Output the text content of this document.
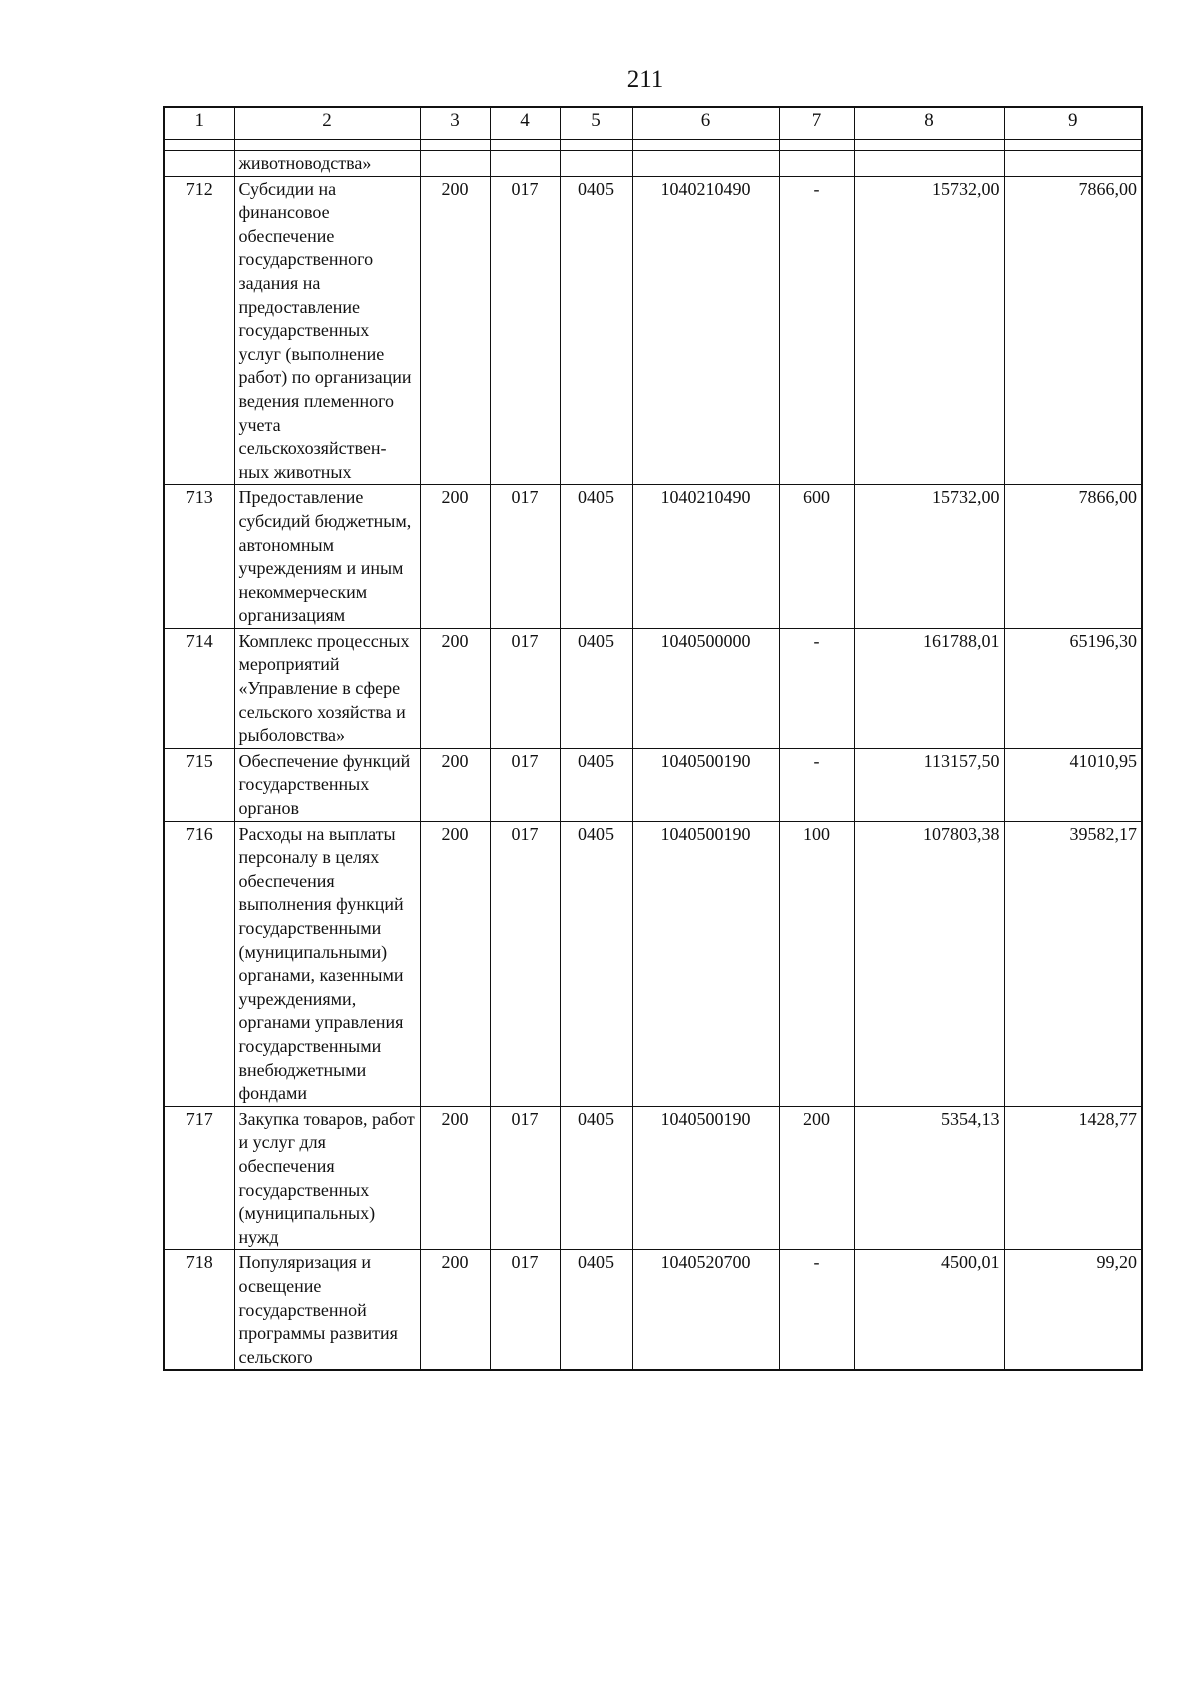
211
1	2	3	4	5	6	7	8	9

	животноводства»							
712	Субсидии на финансовое обеспечение государственного задания на предоставление государственных услуг (выполнение работ) по организации ведения племенного учета сельскохозяйствен-ных животных	200	017	0405	1040210490	-	15732,00	7866,00
713	Предоставление субсидий бюджетным, автономным учреждениям и иным некоммерческим организациям	200	017	0405	1040210490	600	15732,00	7866,00
714	Комплекс процессных мероприятий «Управление в сфере сельского хозяйства и рыболовства»	200	017	0405	1040500000	-	161788,01	65196,30
715	Обеспечение функций государственных органов	200	017	0405	1040500190	-	113157,50	41010,95
716	Расходы на выплаты персоналу в целях обеспечения выполнения функций государственными (муниципальными) органами, казенными учреждениями, органами управления государственными внебюджетными фондами	200	017	0405	1040500190	100	107803,38	39582,17
717	Закупка товаров, работ и услуг для обеспечения государственных (муниципальных) нужд	200	017	0405	1040500190	200	5354,13	1428,77
718	Популяризация и освещение государственной программы развития сельского	200	017	0405	1040520700	-	4500,01	99,20
